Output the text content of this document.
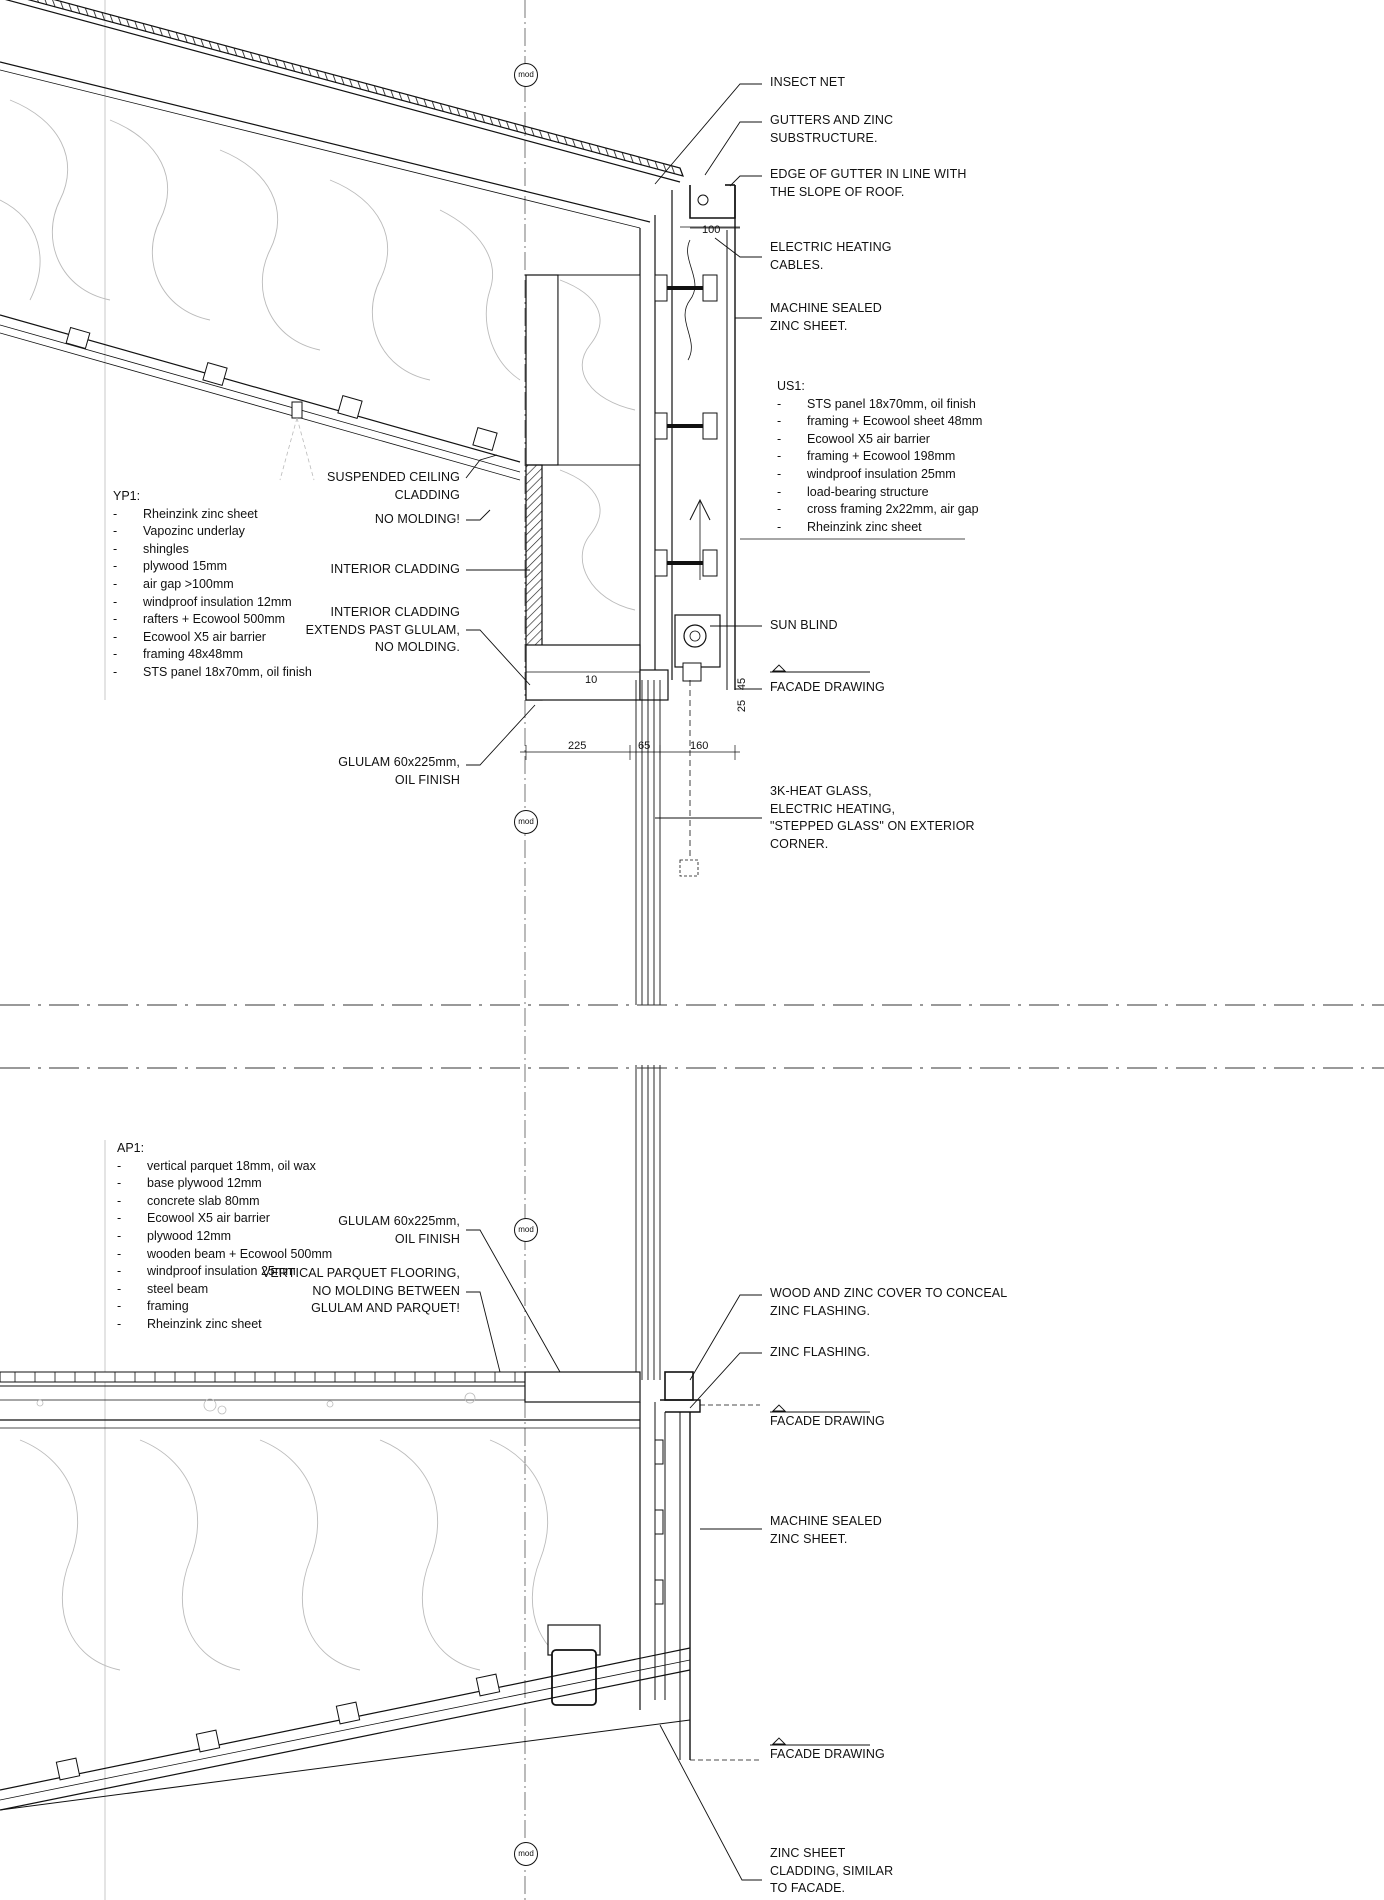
mod
mod
mod
mod
100
10
225	65	160
25
45
YP1:
- Rheinzink zinc sheet
- Vapozinc underlay
- shingles
- plywood 15mm
- air gap >100mm
- windproof insulation 12mm
- rafters + Ecowool 500mm
- Ecowool X5 air barrier
- framing 48x48mm
- STS panel 18x70mm, oil finish
US1:
- STS panel 18x70mm, oil finish
- framing + Ecowool sheet 48mm
- Ecowool X5 air barrier
- framing + Ecowool 198mm
- windproof insulation 25mm
- load-bearing structure
- cross framing 2x22mm, air gap
- Rheinzink zinc sheet
AP1:
- vertical parquet 18mm, oil wax
- base plywood 12mm
- concrete slab 80mm
- Ecowool X5 air barrier
- plywood 12mm
- wooden beam + Ecowool 500mm
- windproof insulation 25mm
- steel beam
- framing
- Rheinzink zinc sheet
INSECT NET
GUTTERS AND ZINC
SUBSTRUCTURE.
EDGE OF GUTTER IN LINE WITH
THE SLOPE OF ROOF.
ELECTRIC HEATING
CABLES.
MACHINE SEALED
ZINC SHEET.
SUN BLIND
FACADE DRAWING
3K-HEAT GLASS,
ELECTRIC HEATING,
"STEPPED GLASS" ON EXTERIOR
CORNER.
SUSPENDED CEILING
CLADDING
NO MOLDING!
INTERIOR CLADDING
INTERIOR CLADDING
EXTENDS PAST GLULAM,
NO MOLDING.
GLULAM 60x225mm,
OIL FINISH
GLULAM 60x225mm,
OIL FINISH
VERTICAL PARQUET FLOORING,
NO MOLDING BETWEEN
GLULAM AND PARQUET!
WOOD AND ZINC COVER TO CONCEAL
ZINC FLASHING.
ZINC FLASHING.
FACADE DRAWING
MACHINE SEALED
ZINC SHEET.
FACADE DRAWING
ZINC SHEET
CLADDING, SIMILAR
TO FACADE.
